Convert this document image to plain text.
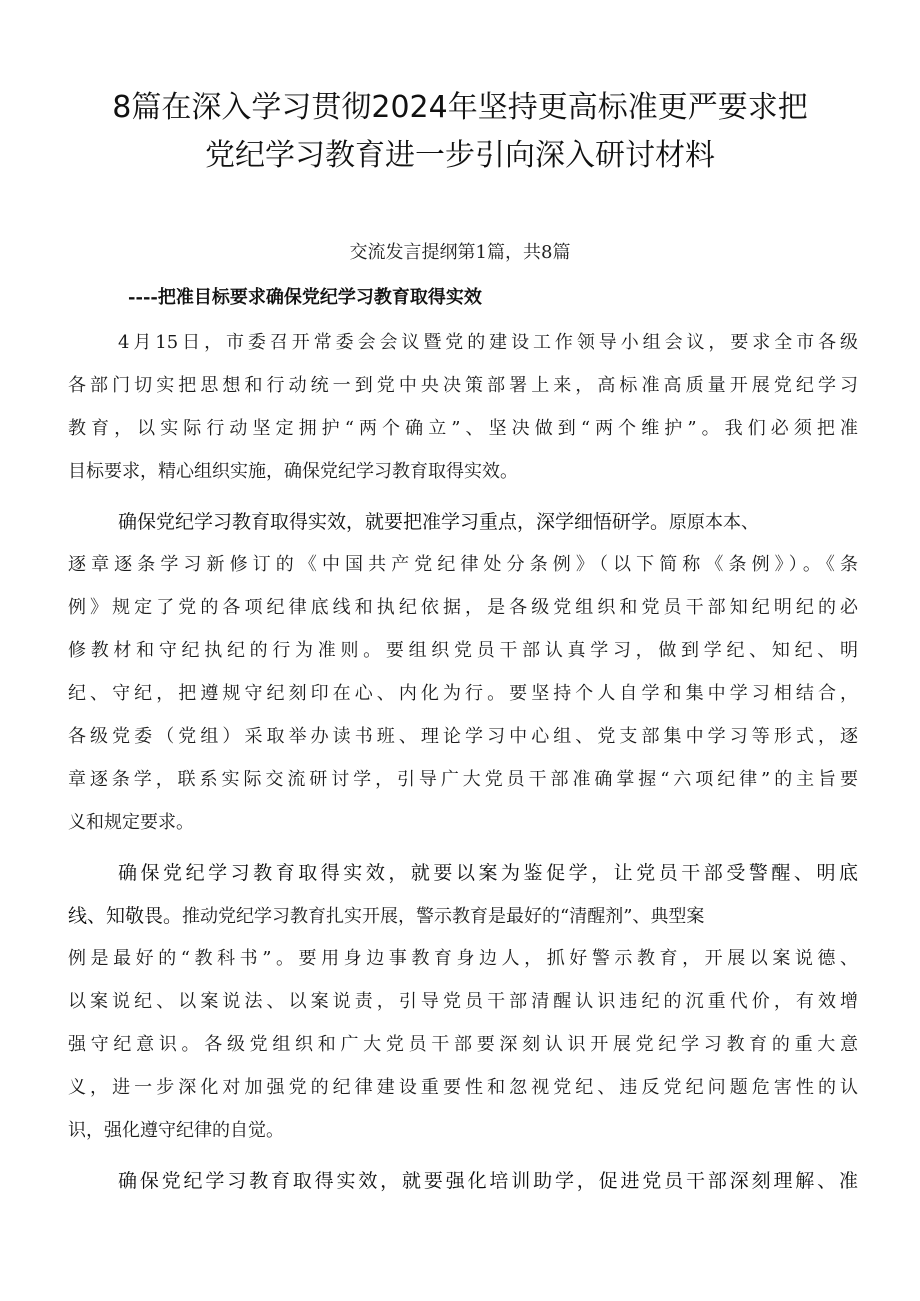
8篇在深入学习贯彻2024年坚持更高标准更严要求把
党纪学习教育进一步引向深入研讨材料
交流发言提纲第1篇，共8篇
----把准目标要求确保党纪学习教育取得实效
4月15日，市委召开常委会会议暨党的建设工作领导小组会议，要求全市各级
各部门切实把思想和行动统一到党中央决策部署上来，高标准高质量开展党纪学习
教育，以实际行动坚定拥护“两个确立”、坚决做到“两个维护”。我们必须把准
目标要求，精心组织实施，确保党纪学习教育取得实效。
确保党纪学习教育取得实效，就要把准学习重点，深学细悟研学。原原本本、
逐章逐条学习新修订的《中国共产党纪律处分条例》（以下简称《条例》）。《条
例》规定了党的各项纪律底线和执纪依据，是各级党组织和党员干部知纪明纪的必
修教材和守纪执纪的行为准则。要组织党员干部认真学习，做到学纪、知纪、明
纪、守纪，把遵规守纪刻印在心、内化为行。要坚持个人自学和集中学习相结合，
各级党委（党组）采取举办读书班、理论学习中心组、党支部集中学习等形式，逐
章逐条学，联系实际交流研讨学，引导广大党员干部准确掌握“六项纪律”的主旨要
义和规定要求。
确保党纪学习教育取得实效，就要以案为鉴促学，让党员干部受警醒、明底
线、知敬畏。推动党纪学习教育扎实开展，警示教育是最好的“清醒剂”、典型案
例是最好的“教科书”。要用身边事教育身边人，抓好警示教育，开展以案说德、
以案说纪、以案说法、以案说责，引导党员干部清醒认识违纪的沉重代价，有效增
强守纪意识。各级党组织和广大党员干部要深刻认识开展党纪学习教育的重大意
义，进一步深化对加强党的纪律建设重要性和忽视党纪、违反党纪问题危害性的认
识，强化遵守纪律的自觉。
确保党纪学习教育取得实效，就要强化培训助学，促进党员干部深刻理解、准
